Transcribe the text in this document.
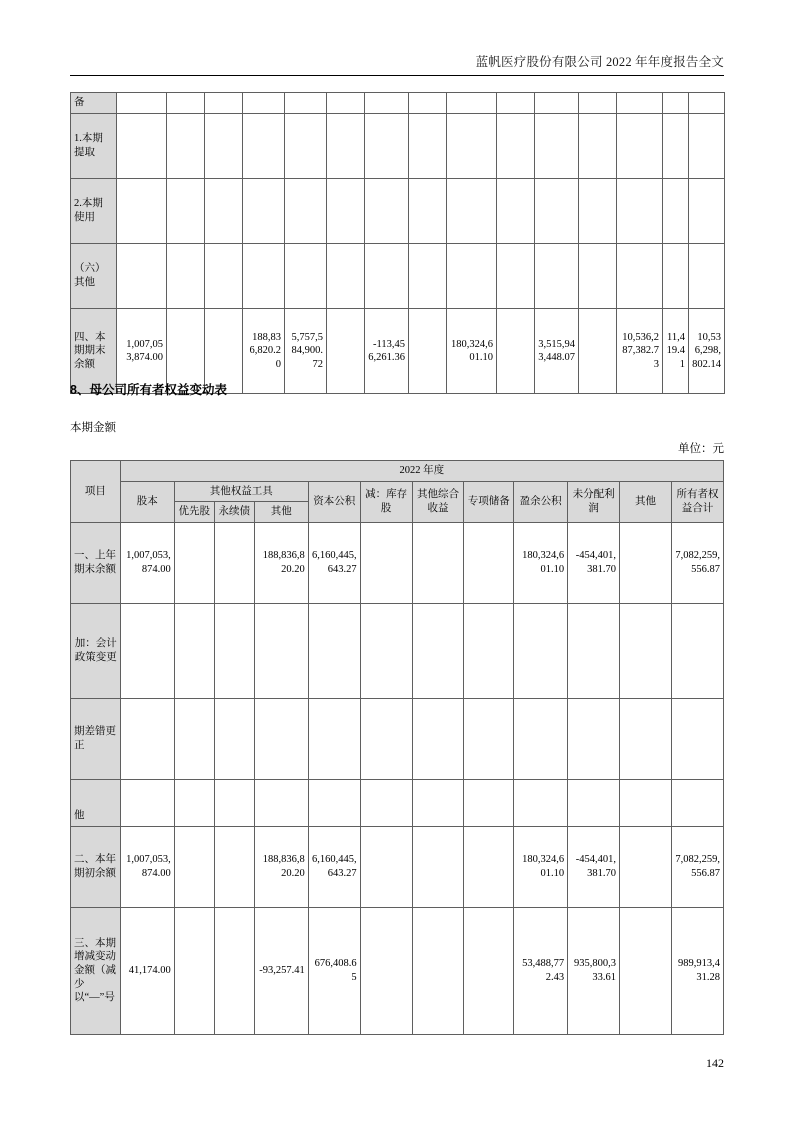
蓝帆医疗股份有限公司 2022 年年度报告全文
备															
1.本期提取															
2.本期使用															
（六）其他															
四、本期期末余额	1,007,053,874.00			188,836,820.20	5,757,584,900.72		-113,456,261.36		180,324,601.10		3,515,943,448.07		10,536,287,382.73	11,419.41	10,536,298,802.14
8、母公司所有者权益变动表
本期金额
单位：元
项目	2022 年度											
	股本	其他权益工具			资本公积	减：库存股	其他综合收益	专项储备	盈余公积	未分配利润	其他	所有者权益合计
		优先股	永续债	其他								
一、上年期末余额	1,007,053,874.00			188,836,820.20	6,160,445,643.27				180,324,601.10	-454,401,381.70		7,082,259,556.87
加：会计政策变更												
期差错更正												
他												
二、本年期初余额	1,007,053,874.00			188,836,820.20	6,160,445,643.27				180,324,601.10	-454,401,381.70		7,082,259,556.87
三、本期增减变动金额（减少以“—”号	41,174.00			-93,257.41	676,408.65				53,488,772.43	935,800,333.61		989,913,431.28
142
